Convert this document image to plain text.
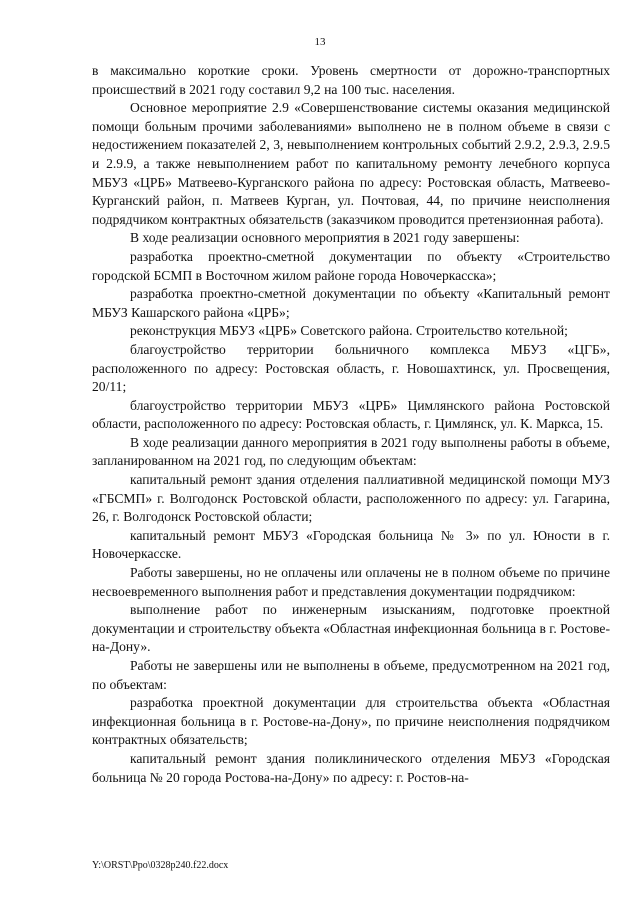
13

в максимально короткие сроки. Уровень смертности от дорожно-транспортных происшествий в 2021 году составил 9,2 на 100 тыс. населения.

Основное мероприятие 2.9 «Совершенствование системы оказания медицинской помощи больным прочими заболеваниями» выполнено не в полном объеме в связи с недостижением показателей 2, 3, невыполнением контрольных событий 2.9.2, 2.9.3, 2.9.5 и 2.9.9, а также невыполнением работ по капитальному ремонту лечебного корпуса МБУЗ «ЦРБ» Матвеево-Курганского района по адресу: Ростовская область, Матвеево-Курганский район, п. Матвеев Курган, ул. Почтовая, 44, по причине неисполнения подрядчиком контрактных обязательств (заказчиком проводится претензионная работа).

В ходе реализации основного мероприятия в 2021 году завершены:

разработка проектно-сметной документации по объекту «Строительство городской БСМП в Восточном жилом районе города Новочеркасска»;

разработка проектно-сметной документации по объекту «Капитальный ремонт МБУЗ Кашарского района «ЦРБ»;

реконструкция МБУЗ «ЦРБ» Советского района. Строительство котельной;

благоустройство территории больничного комплекса МБУЗ «ЦГБ», расположенного по адресу: Ростовская область, г. Новошахтинск, ул. Просвещения, 20/11;

благоустройство территории МБУЗ «ЦРБ» Цимлянского района Ростовской области, расположенного по адресу: Ростовская область, г. Цимлянск, ул. К. Маркса, 15.

В ходе реализации данного мероприятия в 2021 году выполнены работы в объеме, запланированном на 2021 год, по следующим объектам:

капитальный ремонт здания отделения паллиативной медицинской помощи МУЗ «ГБСМП» г. Волгодонск Ростовской области, расположенного по адресу: ул. Гагарина, 26, г. Волгодонск Ростовской области;

капитальный ремонт МБУЗ «Городская больница № 3» по ул. Юности в г. Новочеркасске.

Работы завершены, но не оплачены или оплачены не в полном объеме по причине несвоевременного выполнения работ и представления документации подрядчиком:

выполнение работ по инженерным изысканиям, подготовке проектной документации и строительству объекта «Областная инфекционная больница в г. Ростове-на-Дону».

Работы не завершены или не выполнены в объеме, предусмотренном на 2021 год, по объектам:

разработка проектной документации для строительства объекта «Областная инфекционная больница в г. Ростове-на-Дону», по причине неисполнения подрядчиком контрактных обязательств;

капитальный ремонт здания поликлинического отделения МБУЗ «Городская больница № 20 города Ростова-на-Дону» по адресу: г. Ростов-на-

Y:\ORST\Ppo\0328p240.f22.docx
